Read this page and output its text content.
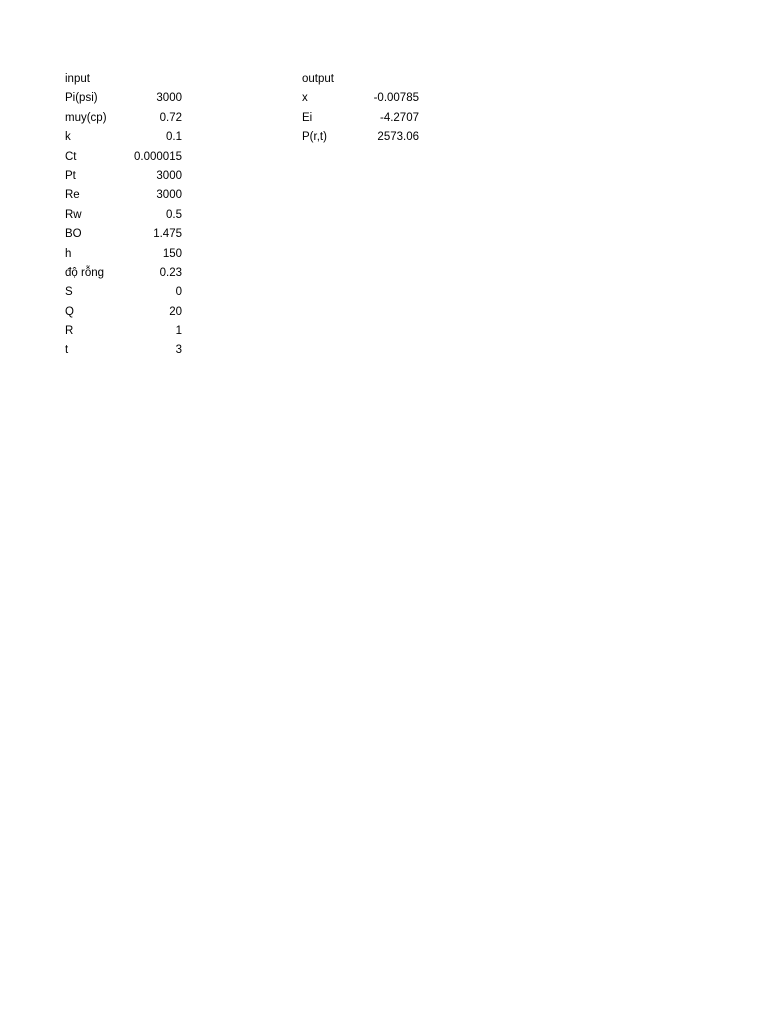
input
Pi(psi)	3000
muy(cp)	0.72
k	0.1
Ct	0.000015
Pt	3000
Re	3000
Rw	0.5
BO	1.475
h	150
độ rỗng	0.23
S	0
Q	20
R	1
t	3
output
x	-0.00785
Ei	-4.2707
P(r,t)	2573.06
